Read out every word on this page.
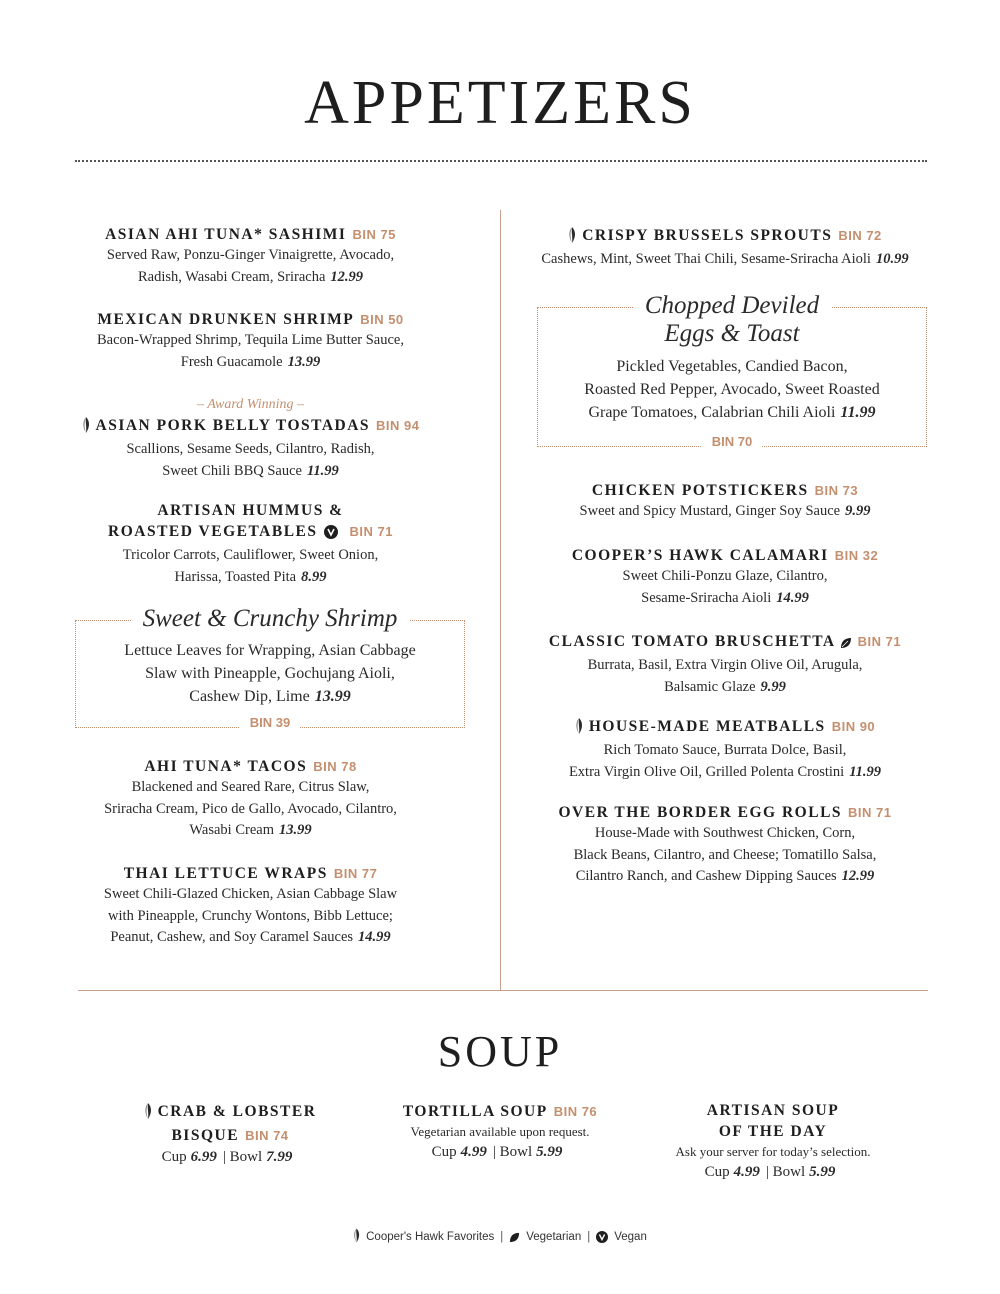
APPETIZERS
ASIAN AHI TUNA* SASHIMI BIN 75
Served Raw, Ponzu-Ginger Vinaigrette, Avocado,
Radish, Wasabi Cream, Sriracha 12.99
MEXICAN DRUNKEN SHRIMP BIN 50
Bacon-Wrapped Shrimp, Tequila Lime Butter Sauce,
Fresh Guacamole 13.99
– Award Winning –
ASIAN PORK BELLY TOSTADAS BIN 94
Scallions, Sesame Seeds, Cilantro, Radish,
Sweet Chili BBQ Sauce 11.99
ARTISAN HUMMUS &
ROASTED VEGETABLES BIN 71
Tricolor Carrots, Cauliflower, Sweet Onion,
Harissa, Toasted Pita 8.99
Sweet & Crunchy Shrimp
Lettuce Leaves for Wrapping, Asian Cabbage
Slaw with Pineapple, Gochujang Aioli,
Cashew Dip, Lime 13.99
BIN 39
AHI TUNA* TACOS BIN 78
Blackened and Seared Rare, Citrus Slaw,
Sriracha Cream, Pico de Gallo, Avocado, Cilantro,
Wasabi Cream 13.99
THAI LETTUCE WRAPS BIN 77
Sweet Chili-Glazed Chicken, Asian Cabbage Slaw
with Pineapple, Crunchy Wontons, Bibb Lettuce;
Peanut, Cashew, and Soy Caramel Sauces 14.99
CRISPY BRUSSELS SPROUTS BIN 72
Cashews, Mint, Sweet Thai Chili, Sesame-Sriracha Aioli 10.99
Chopped Deviled
Eggs & Toast
Pickled Vegetables, Candied Bacon,
Roasted Red Pepper, Avocado, Sweet Roasted
Grape Tomatoes, Calabrian Chili Aioli 11.99
BIN 70
CHICKEN POTSTICKERS BIN 73
Sweet and Spicy Mustard, Ginger Soy Sauce 9.99
COOPER’S HAWK CALAMARI BIN 32
Sweet Chili-Ponzu Glaze, Cilantro,
Sesame-Sriracha Aioli 14.99
CLASSIC TOMATO BRUSCHETTA BIN 71
Burrata, Basil, Extra Virgin Olive Oil, Arugula,
Balsamic Glaze 9.99
HOUSE-MADE MEATBALLS BIN 90
Rich Tomato Sauce, Burrata Dolce, Basil,
Extra Virgin Olive Oil, Grilled Polenta Crostini 11.99
OVER THE BORDER EGG ROLLS BIN 71
House-Made with Southwest Chicken, Corn,
Black Beans, Cilantro, and Cheese; Tomatillo Salsa,
Cilantro Ranch, and Cashew Dipping Sauces 12.99
SOUP
CRAB & LOBSTER
BISQUE BIN 74
Cup 6.99 | Bowl 7.99
TORTILLA SOUP BIN 76
Vegetarian available upon request.
Cup 4.99 | Bowl 5.99
ARTISAN SOUP
OF THE DAY
Ask your server for today’s selection.
Cup 4.99 | Bowl 5.99
Cooper's Hawk Favorites | Vegetarian | Vegan
